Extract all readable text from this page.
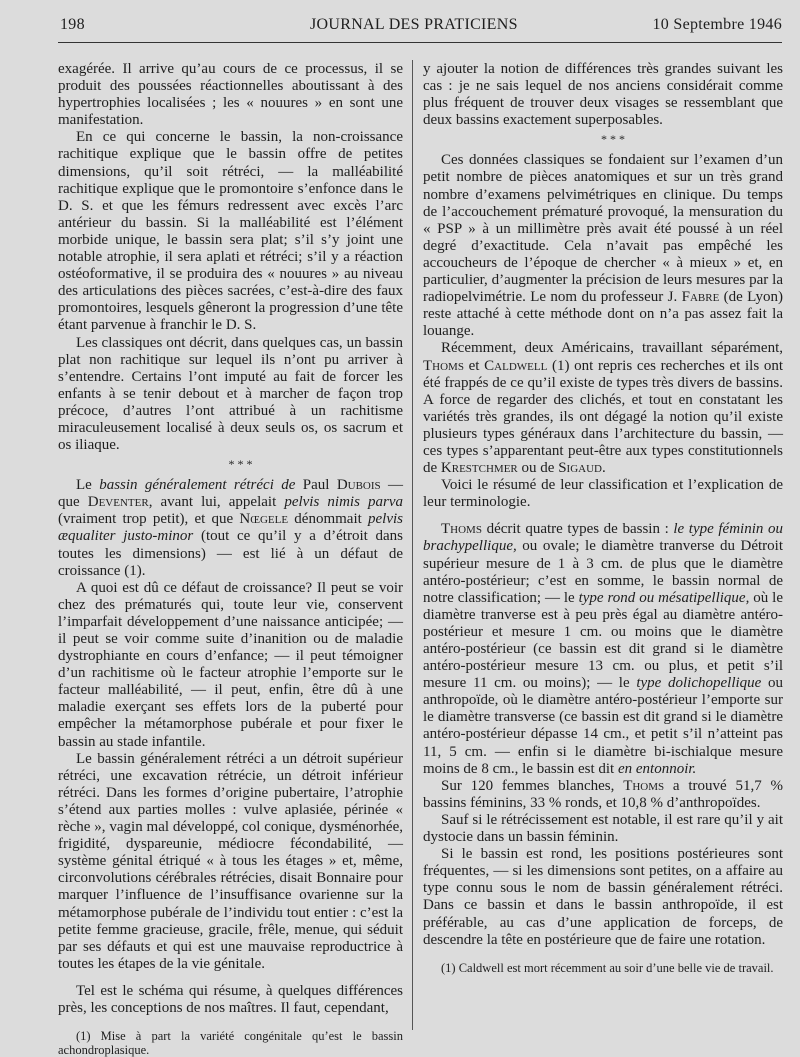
198	JOURNAL DES PRATICIENS	10 Septembre 1946

exagérée. Il arrive qu’au cours de ce processus, il se produit des poussées réactionnelles aboutissant à des hypertrophies localisées ; les « nouures » en sont une manifestation.

En ce qui concerne le bassin, la non-croissance rachitique explique que le bassin offre de petites dimensions, qu’il soit rétréci, — la malléabilité rachitique explique que le promontoire s’enfonce dans le D. S. et que les fémurs redressent avec excès l’arc antérieur du bassin. Si la malléabilité est l’élément morbide unique, le bassin sera plat; s’il s’y joint une notable atrophie, il sera aplati et rétréci; s’il y a réaction ostéoformative, il se produira des « nouures » au niveau des articulations des pièces sacrées, c’est-à-dire des faux promontoires, lesquels gêneront la progression d’une tête étant parvenue à franchir le D. S.

Les classiques ont décrit, dans quelques cas, un bassin plat non rachitique sur lequel ils n’ont pu arriver à s’entendre. Certains l’ont imputé au fait de forcer les enfants à se tenir debout et à marcher de façon trop précoce, d’autres l’ont attribué à un rachitisme miraculeusement localisé à deux seuls os, os sacrum et os iliaque.

* * *

Le bassin généralement rétréci de Paul Dubois — que Deventer, avant lui, appelait pelvis nimis parva (vraiment trop petit), et que Nœgele dénommait pelvis æqualiter justo-minor (tout ce qu’il y a d’étroit dans toutes les dimensions) — est lié à un défaut de croissance (1).

A quoi est dû ce défaut de croissance? Il peut se voir chez des prématurés qui, toute leur vie, conservent l’imparfait développement d’une naissance anticipée; — il peut se voir comme suite d’inanition ou de maladie dystrophiante en cours d’enfance; — il peut témoigner d’un rachitisme où le facteur atrophie l’emporte sur le facteur malléabilité, — il peut, enfin, être dû à une maladie exerçant ses effets lors de la puberté pour empêcher la métamorphose pubérale et pour fixer le bassin au stade infantile.

Le bassin généralement rétréci a un détroit supérieur rétréci, une excavation rétrécie, un détroit inférieur rétréci. Dans les formes d’origine pubertaire, l’atrophie s’étend aux parties molles : vulve aplasiée, périnée « rèche », vagin mal développé, col conique, dysménorhée, frigidité, dyspareunie, médiocre fécondabilité, — système génital étriqué « à tous les étages » et, même, circonvolutions cérébrales rétrécies, disait Bonnaire pour marquer l’influence de l’insuffisance ovarienne sur la métamorphose pubérale de l’individu tout entier : c’est la petite femme gracieuse, gracile, frêle, menue, qui séduit par ses défauts et qui est une mauvaise reproductrice à toutes les étapes de la vie génitale.

Tel est le schéma qui résume, à quelques différences près, les conceptions de nos maîtres. Il faut, cependant,

(1) Mise à part la variété congénitale qu’est le bassin achondroplasique.

y ajouter la notion de différences très grandes suivant les cas : je ne sais lequel de nos anciens considérait comme plus fréquent de trouver deux visages se ressemblant que deux bassins exactement superposables.

* * *

Ces données classiques se fondaient sur l’examen d’un petit nombre de pièces anatomiques et sur un très grand nombre d’examens pelvimétriques en clinique. Du temps de l’accouchement prématuré provoqué, la mensuration du « PSP » à un millimètre près avait été poussé à un réel degré d’exactitude. Cela n’avait pas empêché les accoucheurs de l’époque de chercher « à mieux » et, en particulier, d’augmenter la précision de leurs mesures par la radiopelvimétrie. Le nom du professeur J. Fabre (de Lyon) reste attaché à cette méthode dont on n’a pas assez fait la louange.

Récemment, deux Américains, travaillant séparément, Thoms et Caldwell (1) ont repris ces recherches et ils ont été frappés de ce qu’il existe de types très divers de bassins. A force de regarder des clichés, et tout en constatant les variétés très grandes, ils ont dégagé la notion qu’il existe plusieurs types généraux dans l’architecture du bassin, — ces types s’apparentant peut-être aux types constitutionnels de Krestchmer ou de Sigaud.

Voici le résumé de leur classification et l’explication de leur terminologie.

Thoms décrit quatre types de bassin : le type féminin ou brachypellique, ou ovale; le diamètre tranverse du Détroit supérieur mesure de 1 à 3 cm. de plus que le diamètre antéro-postérieur; c’est en somme, le bassin normal de notre classification; — le type rond ou mésatipellique, où le diamètre tranverse est à peu près égal au diamètre antéro-postérieur et mesure 1 cm. ou moins que le diamètre antéro-postérieur (ce bassin est dit grand si le diamètre antéro-postérieur mesure 13 cm. ou plus, et petit s’il mesure 11 cm. ou moins); — le type dolichopellique ou anthropoïde, où le diamètre antéro-postérieur l’emporte sur le diamètre transverse (ce bassin est dit grand si le diamètre antéro-postérieur dépasse 14 cm., et petit s’il n’atteint pas 11, 5 cm. — enfin si le diamètre bi-ischialque mesure moins de 8 cm., le bassin est dit en entonnoir.

Sur 120 femmes blanches, Thoms a trouvé 51,7 % bassins féminins, 33 % ronds, et 10,8 % d’anthropoïdes.

Sauf si le rétrécissement est notable, il est rare qu’il y ait dystocie dans un bassin féminin.

Si le bassin est rond, les positions postérieures sont fréquentes, — si les dimensions sont petites, on a affaire au type connu sous le nom de bassin généralement rétréci. Dans ce bassin et dans le bassin anthropoïde, il est préférable, au cas d’une application de forceps, de descendre la tête en postérieure que de faire une rotation.

(1) Caldwell est mort récemment au soir d’une belle vie de travail.
